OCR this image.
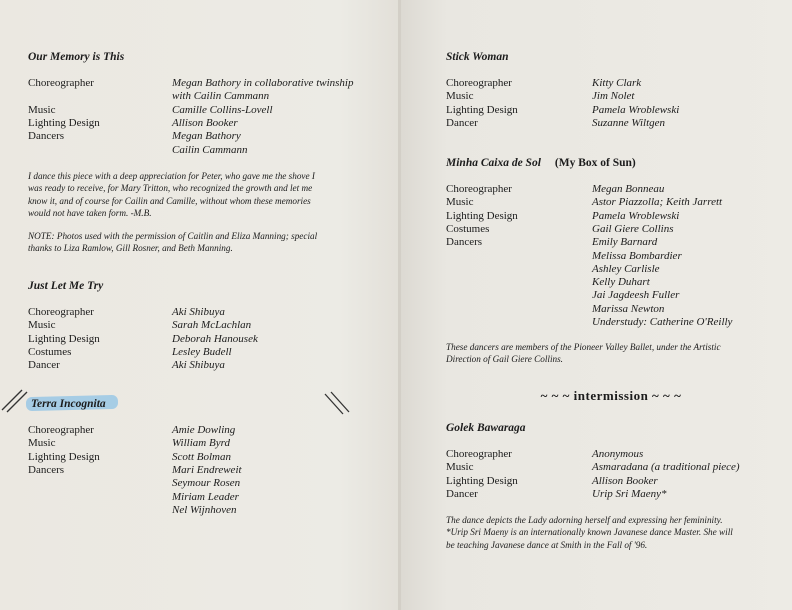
Our Memory is This
Choreographer	Megan Bathory in collaborative twinship
with Cailin Cammann
Music	Camille Collins-Lovell
Lighting Design	Allison Booker
Dancers	Megan Bathory
Cailin Cammann
I dance this piece with a deep appreciation for Peter, who gave me the shove I
was ready to receive, for Mary Tritton, who recognized the growth and let me
know it, and of course for Cailin and Camille, without whom these memories
would not have taken form. -M.B.
NOTE: Photos used with the permission of Caitlin and Eliza Manning; special
thanks to Liza Ramlow, Gill Rosner, and Beth Manning.
Just Let Me Try
Choreographer	Aki Shibuya
Music	Sarah McLachlan
Lighting Design	Deborah Hanousek
Costumes	Lesley Budell
Dancer	Aki Shibuya
Terra Incognita
Choreographer	Amie Dowling
Music	William Byrd
Lighting Design	Scott Bolman
Dancers	Mari Endreweit
Seymour Rosen
Miriam Leader
Nel Wijnhoven
Stick Woman
Choreographer	Kitty Clark
Music	Jim Nolet
Lighting Design	Pamela Wroblewski
Dancer	Suzanne Wiltgen
Minha Caixa de Sol (My Box of Sun)
Choreographer	Megan Bonneau
Music	Astor Piazzolla; Keith Jarrett
Lighting Design	Pamela Wroblewski
Costumes	Gail Giere Collins
Dancers	Emily Barnard
Melissa Bombardier
Ashley Carlisle
Kelly Duhart
Jai Jagdeesh Fuller
Marissa Newton
Understudy: Catherine O'Reilly
These dancers are members of the Pioneer Valley Ballet, under the Artistic
Direction of Gail Giere Collins.
~ ~ ~ intermission ~ ~ ~
Golek Bawaraga
Choreographer	Anonymous
Music	Asmaradana (a traditional piece)
Lighting Design	Allison Booker
Dancer	Urip Sri Maeny*
The dance depicts the Lady adorning herself and expressing her femininity.
*Urip Sri Maeny is an internationally known Javanese dance Master. She will
be teaching Javanese dance at Smith in the Fall of '96.
